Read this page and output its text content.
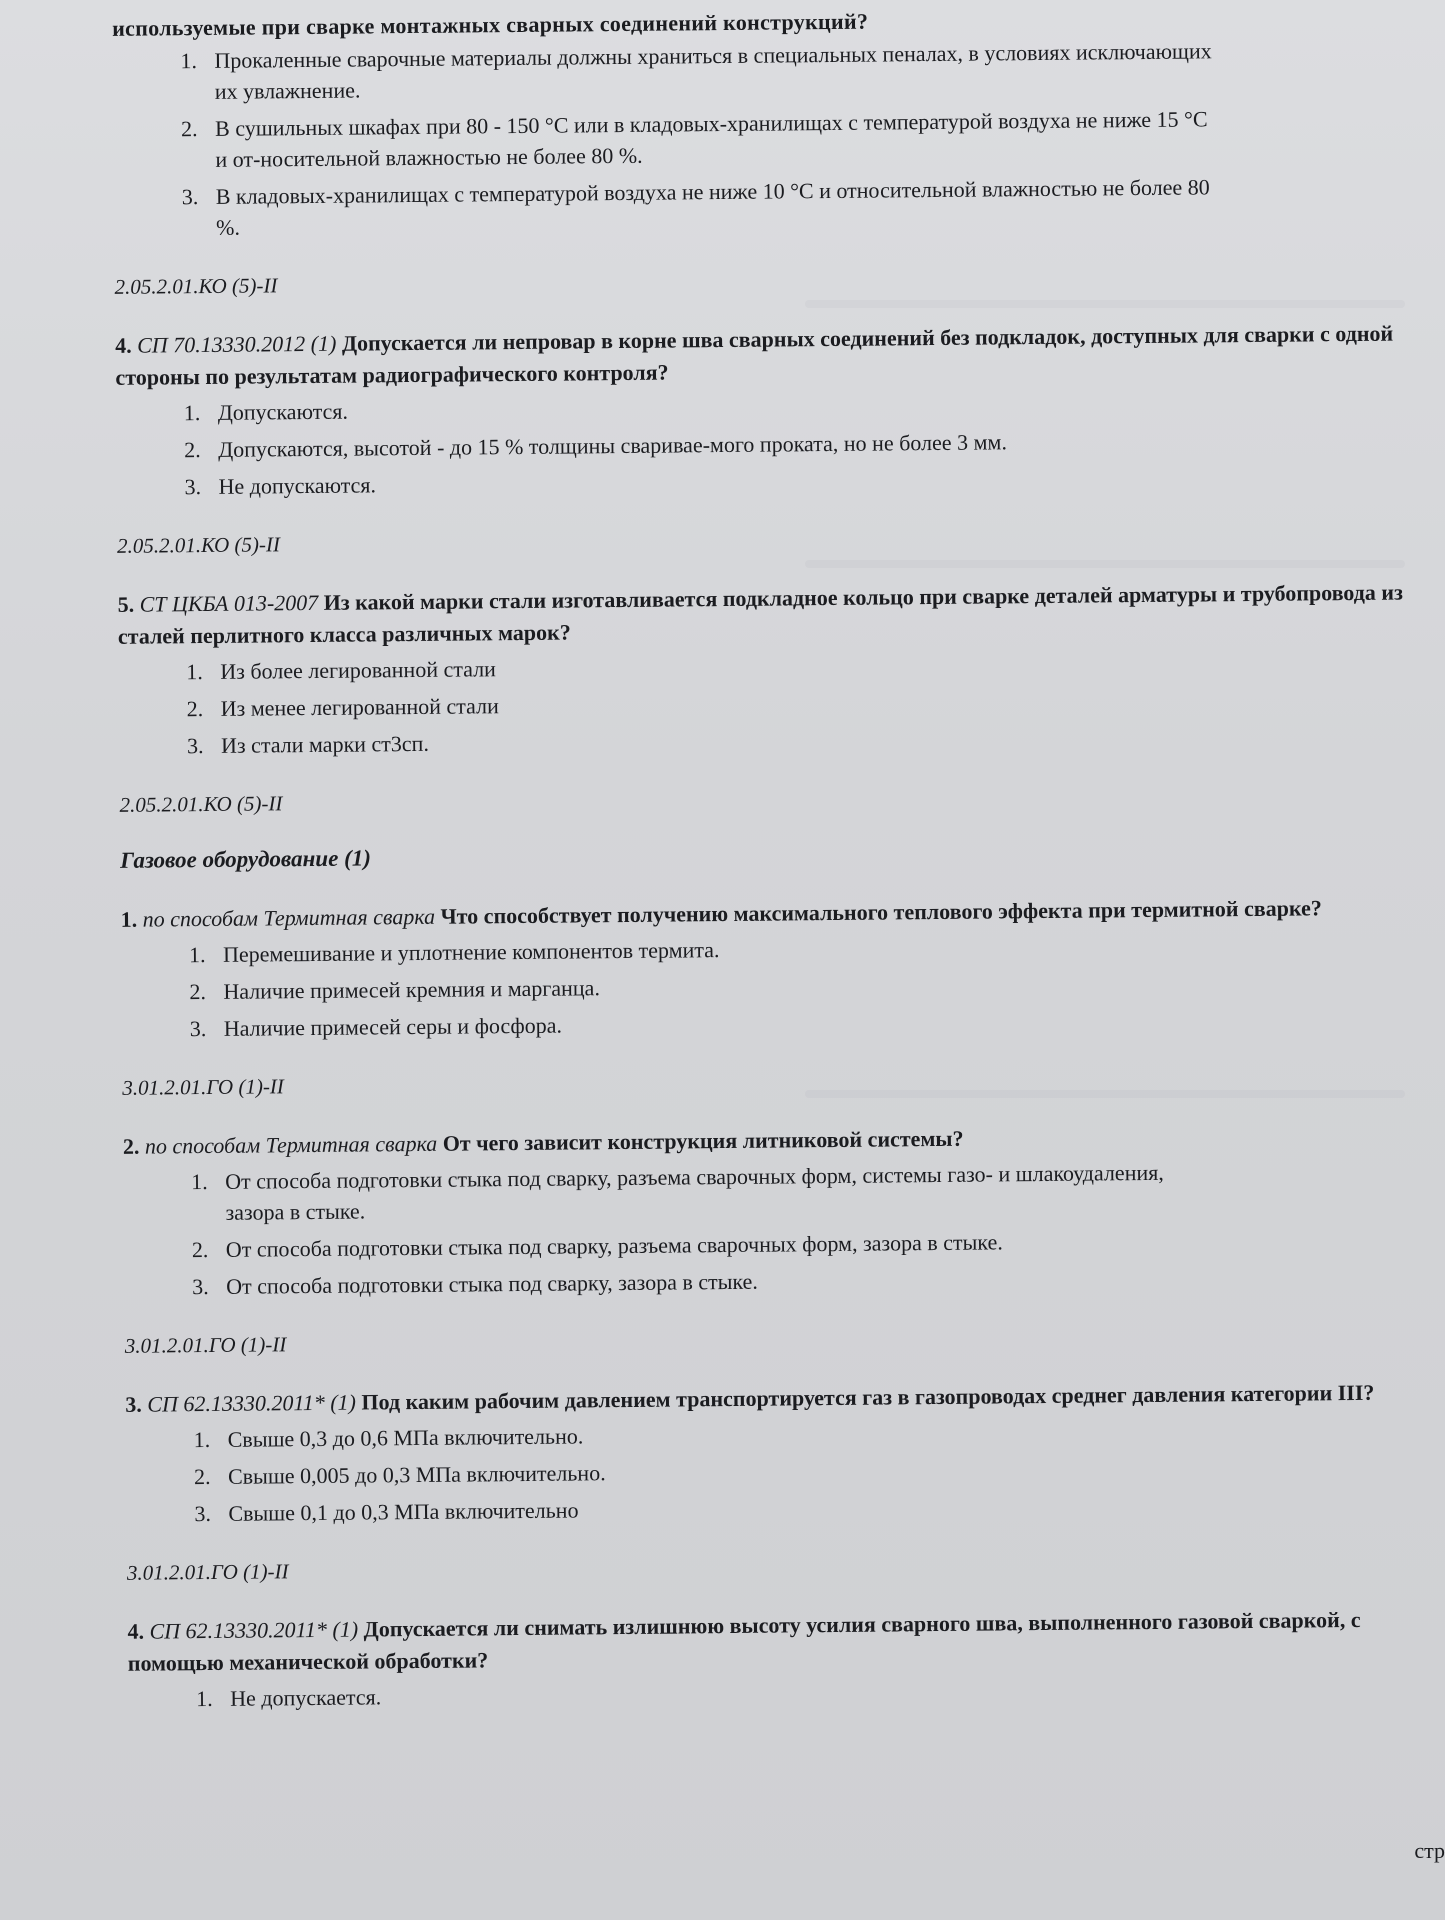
используемые при сварке монтажных сварных соединений конструкций?
1. Прокаленные сварочные материалы должны храниться в специальных пеналах, в условиях исключающих их увлажнение.
2. В сушильных шкафах при 80 - 150 °С или в кладовых-хранилищах с температурой воздуха не ниже 15 °С и от-носительной влажностью не более 80 %.
3. В кладовых-хранилищах с температурой воздуха не ниже 10 °С и относительной влажностью не более 80 %.
2.05.2.01.КО (5)-II
4. СП 70.13330.2012 (1) Допускается ли непровар в корне шва сварных соединений без подкладок, доступных для сварки с одной стороны по результатам радиографического контроля?
1. Допускаются.
2. Допускаются, высотой - до 15 % толщины сваривае-мого проката, но не более 3 мм.
3. Не допускаются.
2.05.2.01.КО (5)-II
5. СТ ЦКБА 013-2007 Из какой марки стали изготавливается подкладное кольцо при сварке деталей арматуры и трубопровода из сталей перлитного класса различных марок?
1. Из более легированной стали
2. Из менее легированной стали
3. Из стали марки ст3сп.
2.05.2.01.КО (5)-II
Газовое оборудование (1)
1. по способам Термитная сварка Что способствует получению максимального теплового эффекта при термитной сварке?
1. Перемешивание и уплотнение компонентов термита.
2. Наличие примесей кремния и марганца.
3. Наличие примесей серы и фосфора.
3.01.2.01.ГО (1)-II
2. по способам Термитная сварка От чего зависит конструкция литниковой системы?
1. От способа подготовки стыка под сварку, разъема сварочных форм, системы газо- и шлакоудаления, зазора в стыке.
2. От способа подготовки стыка под сварку, разъема сварочных форм, зазора в стыке.
3. От способа подготовки стыка под сварку, зазора в стыке.
3.01.2.01.ГО (1)-II
3. СП 62.13330.2011* (1) Под каким рабочим давлением транспортируется газ в газопроводах среднег давления категории III?
1. Свыше 0,3 до 0,6 МПа включительно.
2. Свыше 0,005 до 0,3 МПа включительно.
3. Свыше 0,1 до 0,3 МПа включительно
3.01.2.01.ГО (1)-II
4. СП 62.13330.2011* (1) Допускается ли снимать излишнюю высоту усилия сварного шва, выполненного газовой сваркой, с помощью механической обработки?
1. Не допускается.
стр
